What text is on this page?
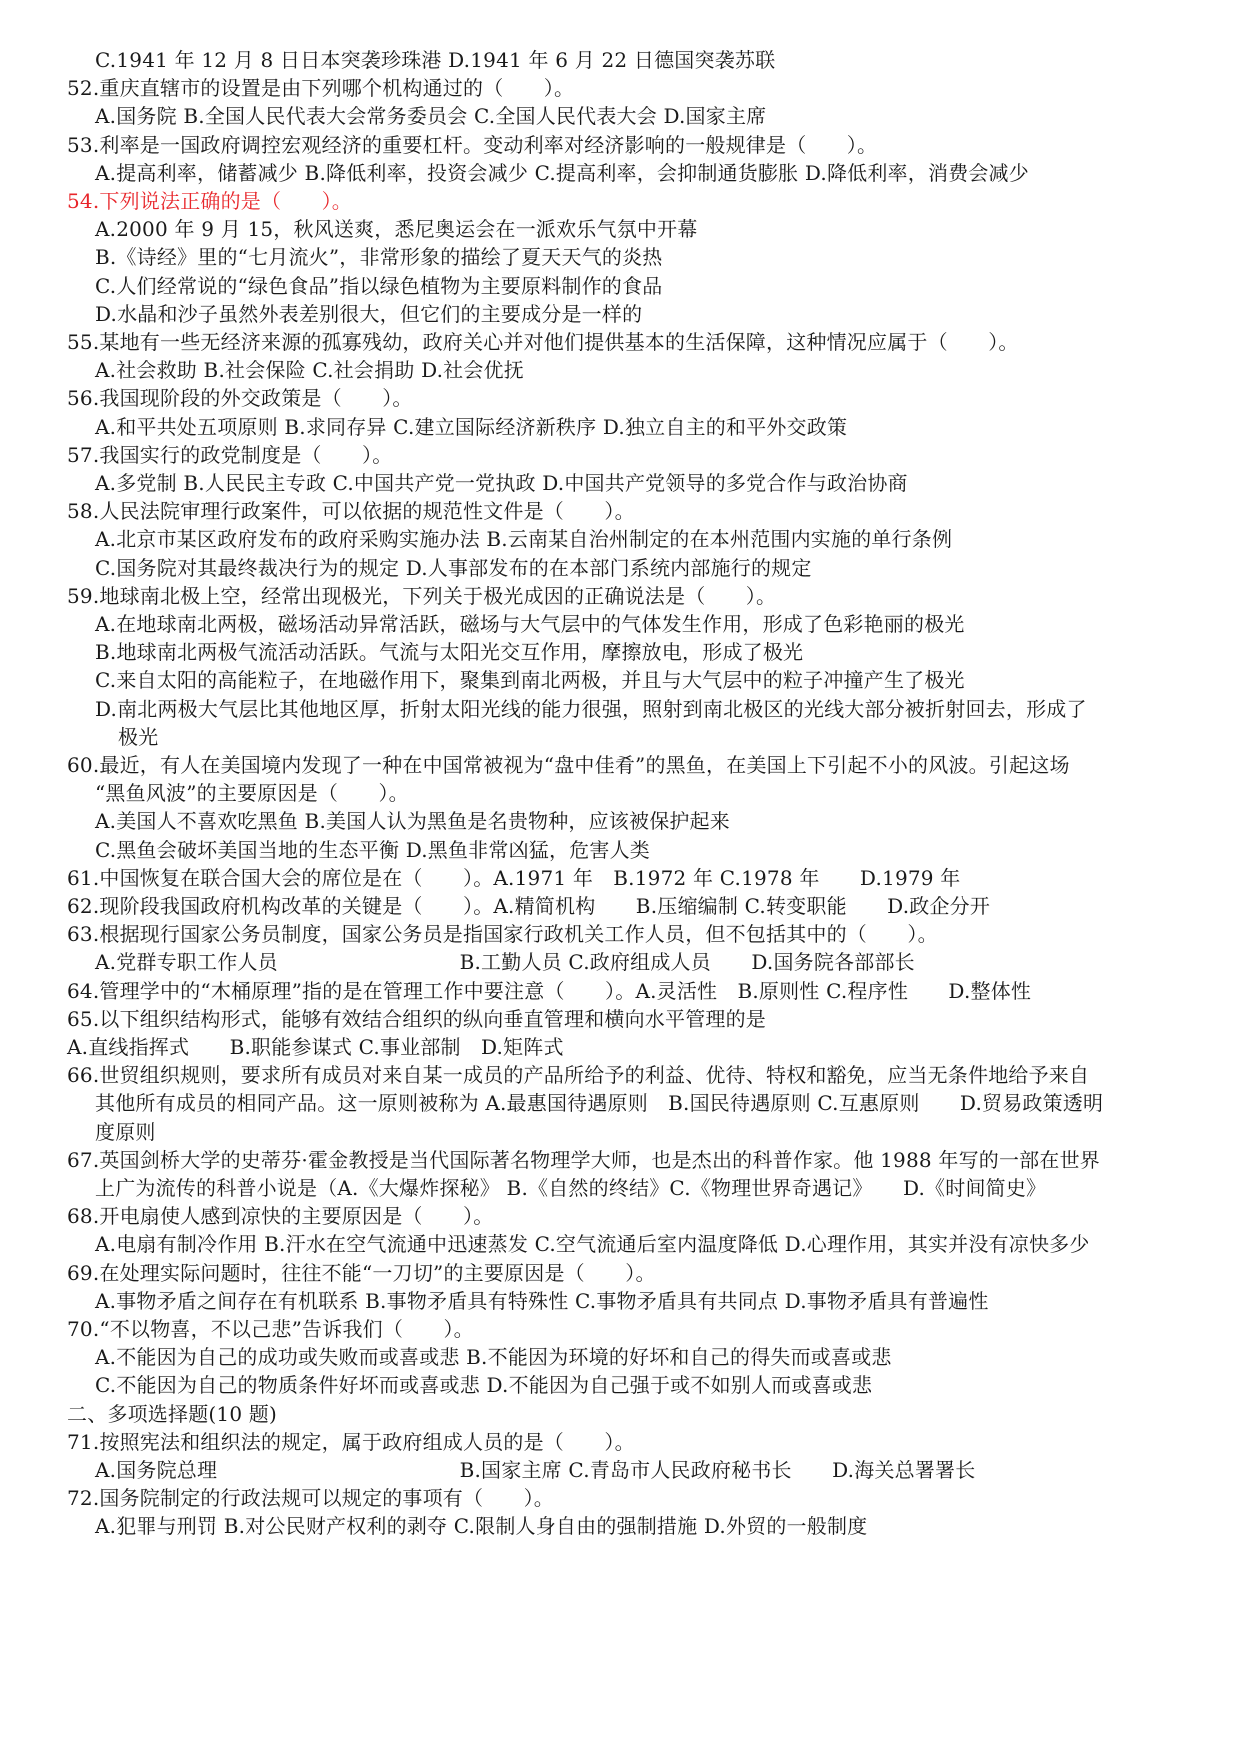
C.1941 年 12 月 8 日日本突袭珍珠港 D.1941 年 6 月 22 日德国突袭苏联
52.重庆直辖市的设置是由下列哪个机构通过的（　　）。
A.国务院 B.全国人民代表大会常务委员会 C.全国人民代表大会 D.国家主席
53.利率是一国政府调控宏观经济的重要杠杆。变动利率对经济影响的一般规律是（　　）。
A.提高利率，储蓄减少 B.降低利率，投资会减少 C.提高利率，会抑制通货膨胀 D.降低利率，消费会减少
54.下列说法正确的是（　　）。
A.2000 年 9 月 15，秋风送爽，悉尼奥运会在一派欢乐气氛中开幕
B.《诗经》里的“七月流火”，非常形象的描绘了夏天天气的炎热
C.人们经常说的“绿色食品”指以绿色植物为主要原料制作的食品
D.水晶和沙子虽然外表差别很大，但它们的主要成分是一样的
55.某地有一些无经济来源的孤寡残幼，政府关心并对他们提供基本的生活保障，这种情况应属于（　　）。
A.社会救助 B.社会保险 C.社会捐助 D.社会优抚
56.我国现阶段的外交政策是（　　）。
A.和平共处五项原则 B.求同存异 C.建立国际经济新秩序 D.独立自主的和平外交政策
57.我国实行的政党制度是（　　）。
A.多党制 B.人民民主专政 C.中国共产党一党执政 D.中国共产党领导的多党合作与政治协商
58.人民法院审理行政案件，可以依据的规范性文件是（　　）。
A.北京市某区政府发布的政府采购实施办法 B.云南某自治州制定的在本州范围内实施的单行条例
C.国务院对其最终裁决行为的规定 D.人事部发布的在本部门系统内部施行的规定
59.地球南北极上空，经常出现极光，下列关于极光成因的正确说法是（　　）。
A.在地球南北两极，磁场活动异常活跃，磁场与大气层中的气体发生作用，形成了色彩艳丽的极光
B.地球南北两极气流活动活跃。气流与太阳光交互作用，摩擦放电，形成了极光
C.来自太阳的高能粒子，在地磁作用下，聚集到南北两极，并且与大气层中的粒子冲撞产生了极光
D.南北两极大气层比其他地区厚，折射太阳光线的能力很强，照射到南北极区的光线大部分被折射回去，形成了
极光
60.最近，有人在美国境内发现了一种在中国常被视为“盘中佳肴”的黑鱼，在美国上下引起不小的风波。引起这场
“黑鱼风波”的主要原因是（　　）。
A.美国人不喜欢吃黑鱼 B.美国人认为黑鱼是名贵物种，应该被保护起来
C.黑鱼会破坏美国当地的生态平衡 D.黑鱼非常凶猛，危害人类
61.中国恢复在联合国大会的席位是在（　　）。A.1971 年　B.1972 年 C.1978 年　　D.1979 年
62.现阶段我国政府机构改革的关键是（　　）。A.精简机构　　B.压缩编制 C.转变职能　　D.政企分开
63.根据现行国家公务员制度，国家公务员是指国家行政机关工作人员，但不包括其中的（　　）。
A.党群专职工作人员　　　　　　　　　B.工勤人员 C.政府组成人员　　D.国务院各部部长
64.管理学中的“木桶原理”指的是在管理工作中要注意（　　）。A.灵活性　B.原则性 C.程序性　　D.整体性
65.以下组织结构形式，能够有效结合组织的纵向垂直管理和横向水平管理的是
A.直线指挥式　　B.职能参谋式 C.事业部制　D.矩阵式
66.世贸组织规则，要求所有成员对来自某一成员的产品所给予的利益、优待、特权和豁免，应当无条件地给予来自
其他所有成员的相同产品。这一原则被称为 A.最惠国待遇原则　B.国民待遇原则 C.互惠原则　　D.贸易政策透明
度原则
67.英国剑桥大学的史蒂芬·霍金教授是当代国际著名物理学大师，也是杰出的科普作家。他 1988 年写的一部在世界
上广为流传的科普小说是（A.《大爆炸探秘》 B.《自然的终结》C.《物理世界奇遇记》　　D.《时间简史》
68.开电扇使人感到凉快的主要原因是（　　）。
A.电扇有制冷作用 B.汗水在空气流通中迅速蒸发 C.空气流通后室内温度降低 D.心理作用，其实并没有凉快多少
69.在处理实际问题时，往往不能“一刀切”的主要原因是（　　）。
A.事物矛盾之间存在有机联系 B.事物矛盾具有特殊性 C.事物矛盾具有共同点 D.事物矛盾具有普遍性
70.“不以物喜，不以己悲”告诉我们（　　）。
A.不能因为自己的成功或失败而或喜或悲 B.不能因为环境的好坏和自己的得失而或喜或悲
C.不能因为自己的物质条件好坏而或喜或悲 D.不能因为自己强于或不如别人而或喜或悲
二、多项选择题(10 题)
71.按照宪法和组织法的规定，属于政府组成人员的是（　　）。
A.国务院总理　　　　　　　　　　　　B.国家主席 C.青岛市人民政府秘书长　　D.海关总署署长
72.国务院制定的行政法规可以规定的事项有（　　）。
A.犯罪与刑罚 B.对公民财产权利的剥夺 C.限制人身自由的强制措施 D.外贸的一般制度
